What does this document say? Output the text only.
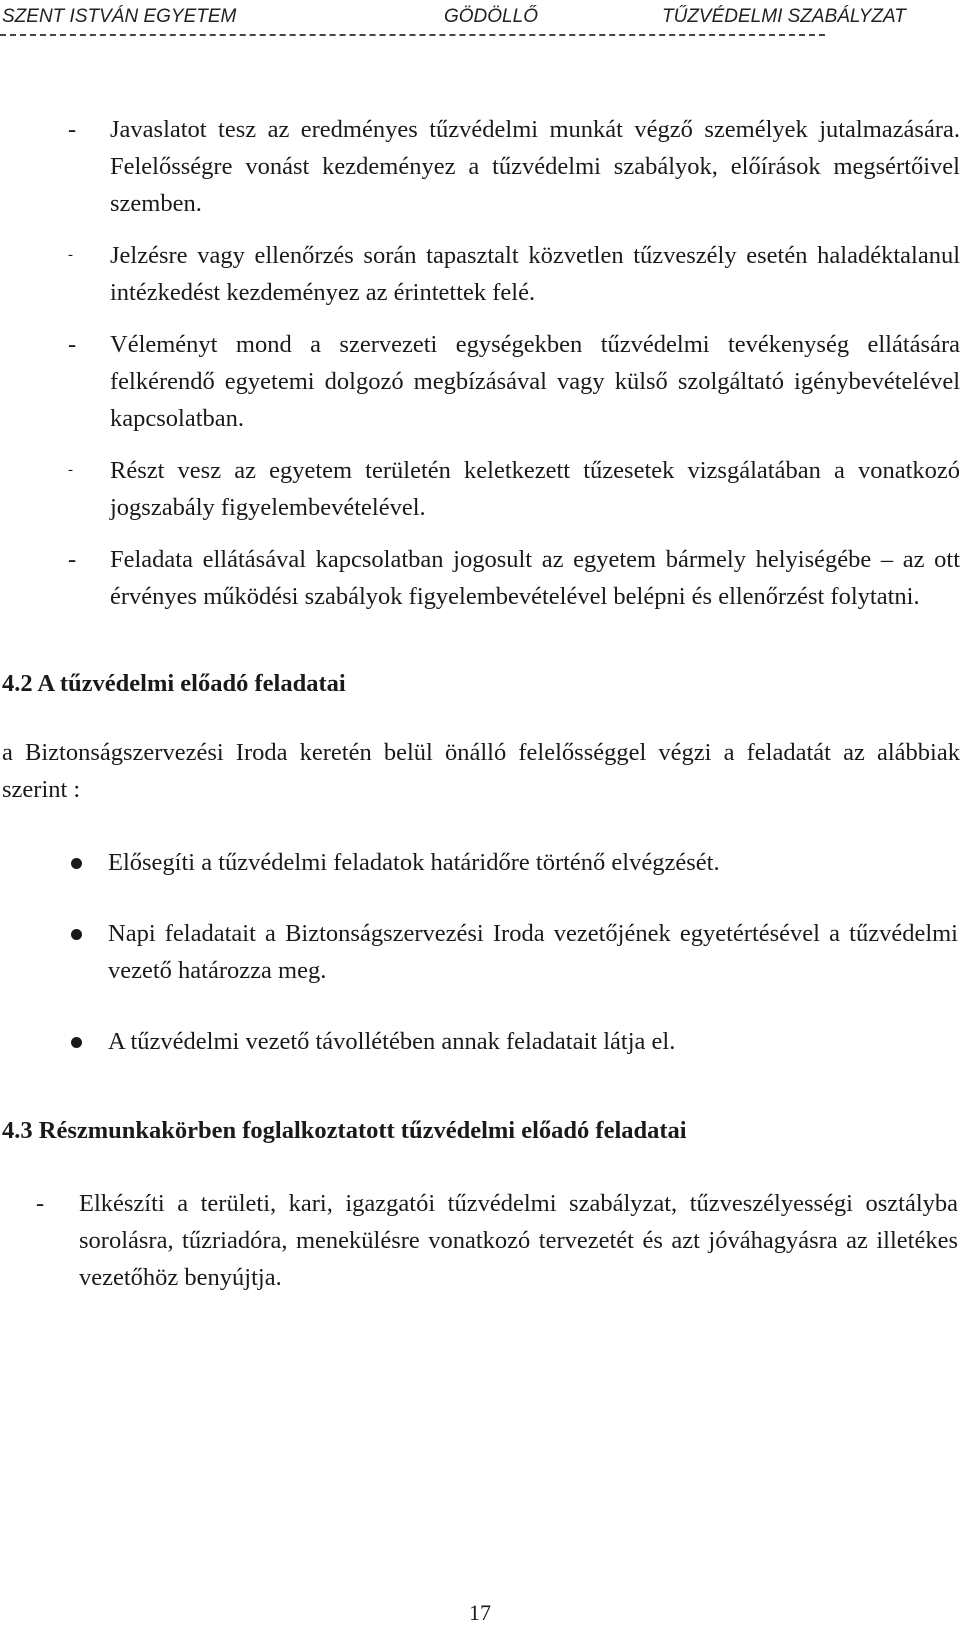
SZENT ISTVÁN EGYETEM	GÖDÖLLŐ	TŰZVÉDELMI SZABÁLYZAT
- Javaslatot tesz az eredményes tűzvédelmi munkát végző személyek jutalmazására. Felelősségre vonást kezdeményez a tűzvédelmi szabályok, előírások megsértőivel szemben.
- Jelzésre vagy ellenőrzés során tapasztalt közvetlen tűzveszély esetén haladéktalanul intézkedést kezdeményez az érintettek felé.
- Véleményt mond a szervezeti egységekben tűzvédelmi tevékenység ellátására felkérendő egyetemi dolgozó megbízásával vagy külső szolgáltató igénybevételével kapcsolatban.
- Részt vesz az egyetem területén keletkezett tűzesetek vizsgálatában a vonatkozó jogszabály figyelembevételével.
- Feladata ellátásával kapcsolatban jogosult az egyetem bármely helyiségébe – az ott érvényes működési szabályok figyelembevételével belépni és ellenőrzést folytatni.
4.2 A tűzvédelmi előadó feladatai
a Biztonságszervezési Iroda keretén belül önálló felelősséggel végzi a feladatát az alábbiak szerint :
Elősegíti a tűzvédelmi feladatok határidőre történő elvégzését.
Napi feladatait a Biztonságszervezési Iroda vezetőjének egyetértésével a tűzvédelmi vezető határozza meg.
A tűzvédelmi vezető távollétében annak feladatait látja el.
4.3 Részmunkakörben foglalkoztatott tűzvédelmi előadó feladatai
- Elkészíti a területi, kari, igazgatói tűzvédelmi szabályzat, tűzveszélyességi osztályba sorolásra, tűzriadóra, menekülésre vonatkozó tervezetét és azt jóváhagyásra az illetékes vezetőhöz benyújtja.
17
